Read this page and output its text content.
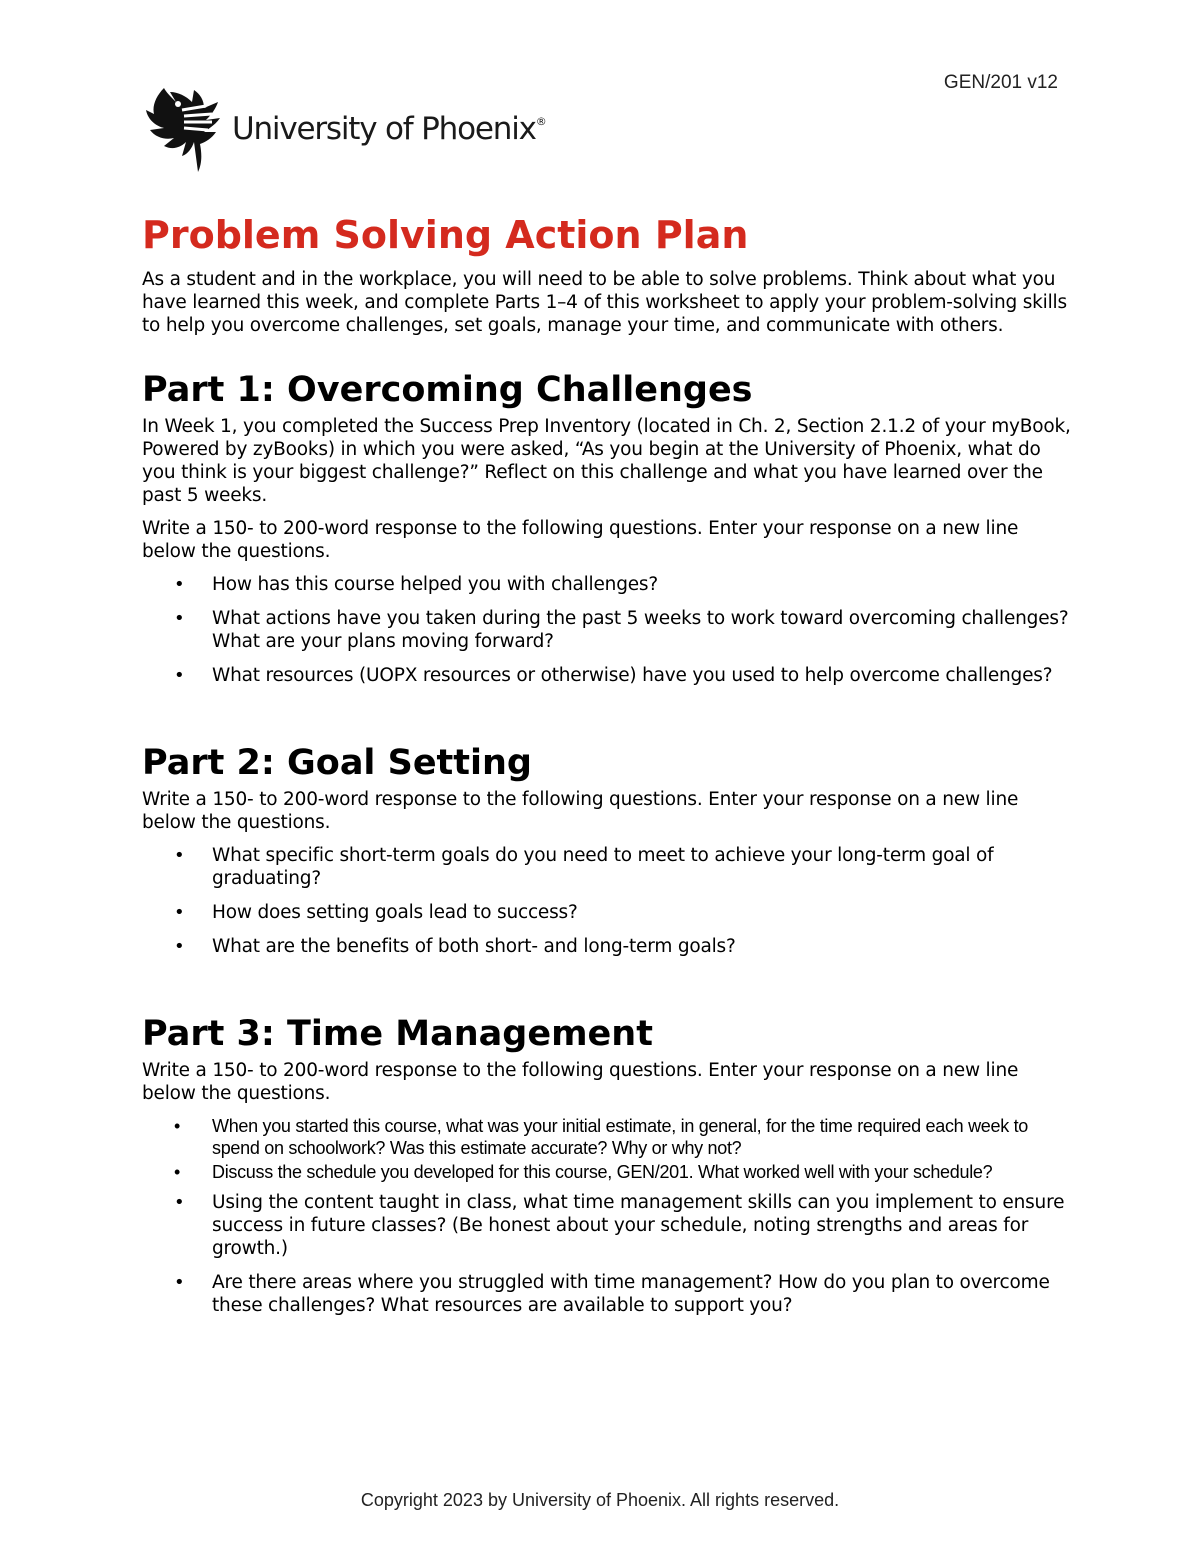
GEN/201 v12
University of Phoenix®
Problem Solving Action Plan

As a student and in the workplace, you will need to be able to solve problems. Think about what you have learned this week, and complete Parts 1–4 of this worksheet to apply your problem-solving skills to help you overcome challenges, set goals, manage your time, and communicate with others.

Part 1: Overcoming Challenges

In Week 1, you completed the Success Prep Inventory (located in Ch. 2, Section 2.1.2 of your myBook, Powered by zyBooks) in which you were asked, “As you begin at the University of Phoenix, what do you think is your biggest challenge?” Reflect on this challenge and what you have learned over the past 5 weeks.

Write a 150- to 200-word response to the following questions. Enter your response on a new line below the questions.

• How has this course helped you with challenges?
• What actions have you taken during the past 5 weeks to work toward overcoming challenges? What are your plans moving forward?
• What resources (UOPX resources or otherwise) have you used to help overcome challenges?
Part 2: Goal Setting

Write a 150- to 200-word response to the following questions. Enter your response on a new line below the questions.

• What specific short-term goals do you need to meet to achieve your long-term goal of graduating?
• How does setting goals lead to success?
• What are the benefits of both short- and long-term goals?
Part 3: Time Management

Write a 150- to 200-word response to the following questions. Enter your response on a new line below the questions.

• When you started this course, what was your initial estimate, in general, for the time required each week to spend on schoolwork? Was this estimate accurate? Why or why not?
• Discuss the schedule you developed for this course, GEN/201. What worked well with your schedule?
• Using the content taught in class, what time management skills can you implement to ensure success in future classes? (Be honest about your schedule, noting strengths and areas for growth.)
• Are there areas where you struggled with time management? How do you plan to overcome these challenges? What resources are available to support you?
Copyright 2023 by University of Phoenix. All rights reserved.
